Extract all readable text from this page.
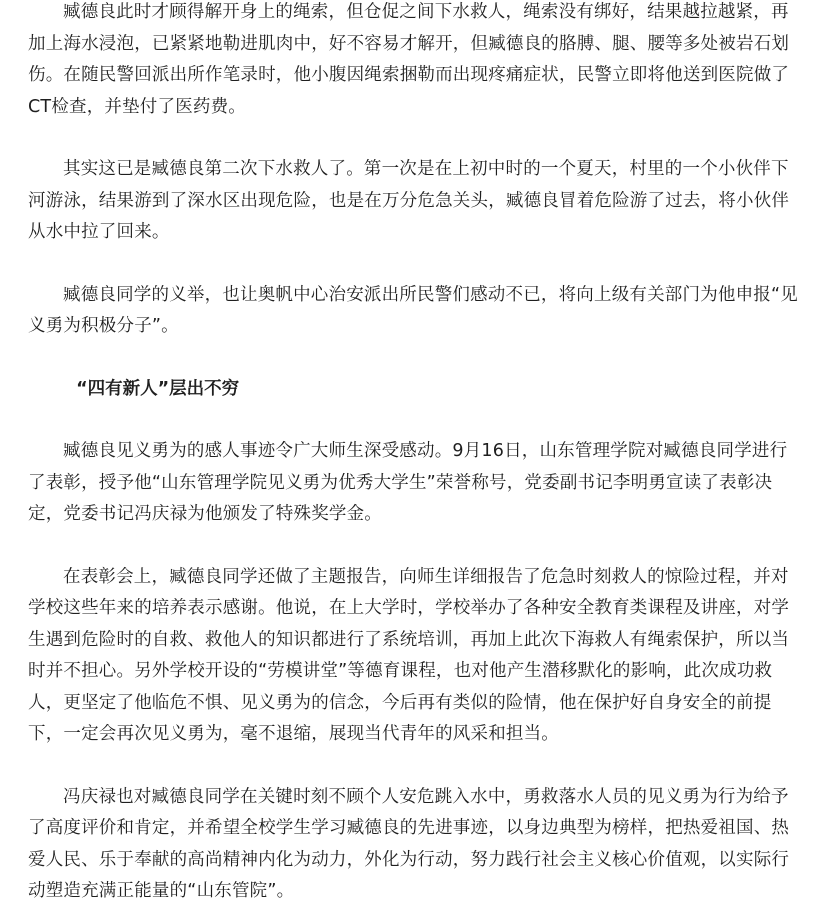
臧德良此时才顾得解开身上的绳索，但仓促之间下水救人，绳索没有绑好，结果越拉越紧，再加上海水浸泡，已紧紧地勒进肌肉中，好不容易才解开，但臧德良的胳膊、腿、腰等多处被岩石划伤。在随民警回派出所作笔录时，他小腹因绳索捆勒而出现疼痛症状，民警立即将他送到医院做了CT检查，并垫付了医药费。

其实这已是臧德良第二次下水救人了。第一次是在上初中时的一个夏天，村里的一个小伙伴下河游泳，结果游到了深水区出现危险，也是在万分危急关头，臧德良冒着危险游了过去，将小伙伴从水中拉了回来。

臧德良同学的义举，也让奥帆中心治安派出所民警们感动不已，将向上级有关部门为他申报“见义勇为积极分子”。

“四有新人”层出不穷

臧德良见义勇为的感人事迹令广大师生深受感动。9月16日，山东管理学院对臧德良同学进行了表彰，授予他“山东管理学院见义勇为优秀大学生”荣誉称号，党委副书记李明勇宣读了表彰决定，党委书记冯庆禄为他颁发了特殊奖学金。

在表彰会上，臧德良同学还做了主题报告，向师生详细报告了危急时刻救人的惊险过程，并对学校这些年来的培养表示感谢。他说，在上大学时，学校举办了各种安全教育类课程及讲座，对学生遇到危险时的自救、救他人的知识都进行了系统培训，再加上此次下海救人有绳索保护，所以当时并不担心。另外学校开设的“劳模讲堂”等德育课程，也对他产生潜移默化的影响，此次成功救人，更坚定了他临危不惧、见义勇为的信念，今后再有类似的险情，他在保护好自身安全的前提下，一定会再次见义勇为，毫不退缩，展现当代青年的风采和担当。

冯庆禄也对臧德良同学在关键时刻不顾个人安危跳入水中，勇救落水人员的见义勇为行为给予了高度评价和肯定，并希望全校学生学习臧德良的先进事迹，以身边典型为榜样，把热爱祖国、热爱人民、乐于奉献的高尚精神内化为动力，外化为行动，努力践行社会主义核心价值观，以实际行动塑造充满正能量的“山东管院”。
